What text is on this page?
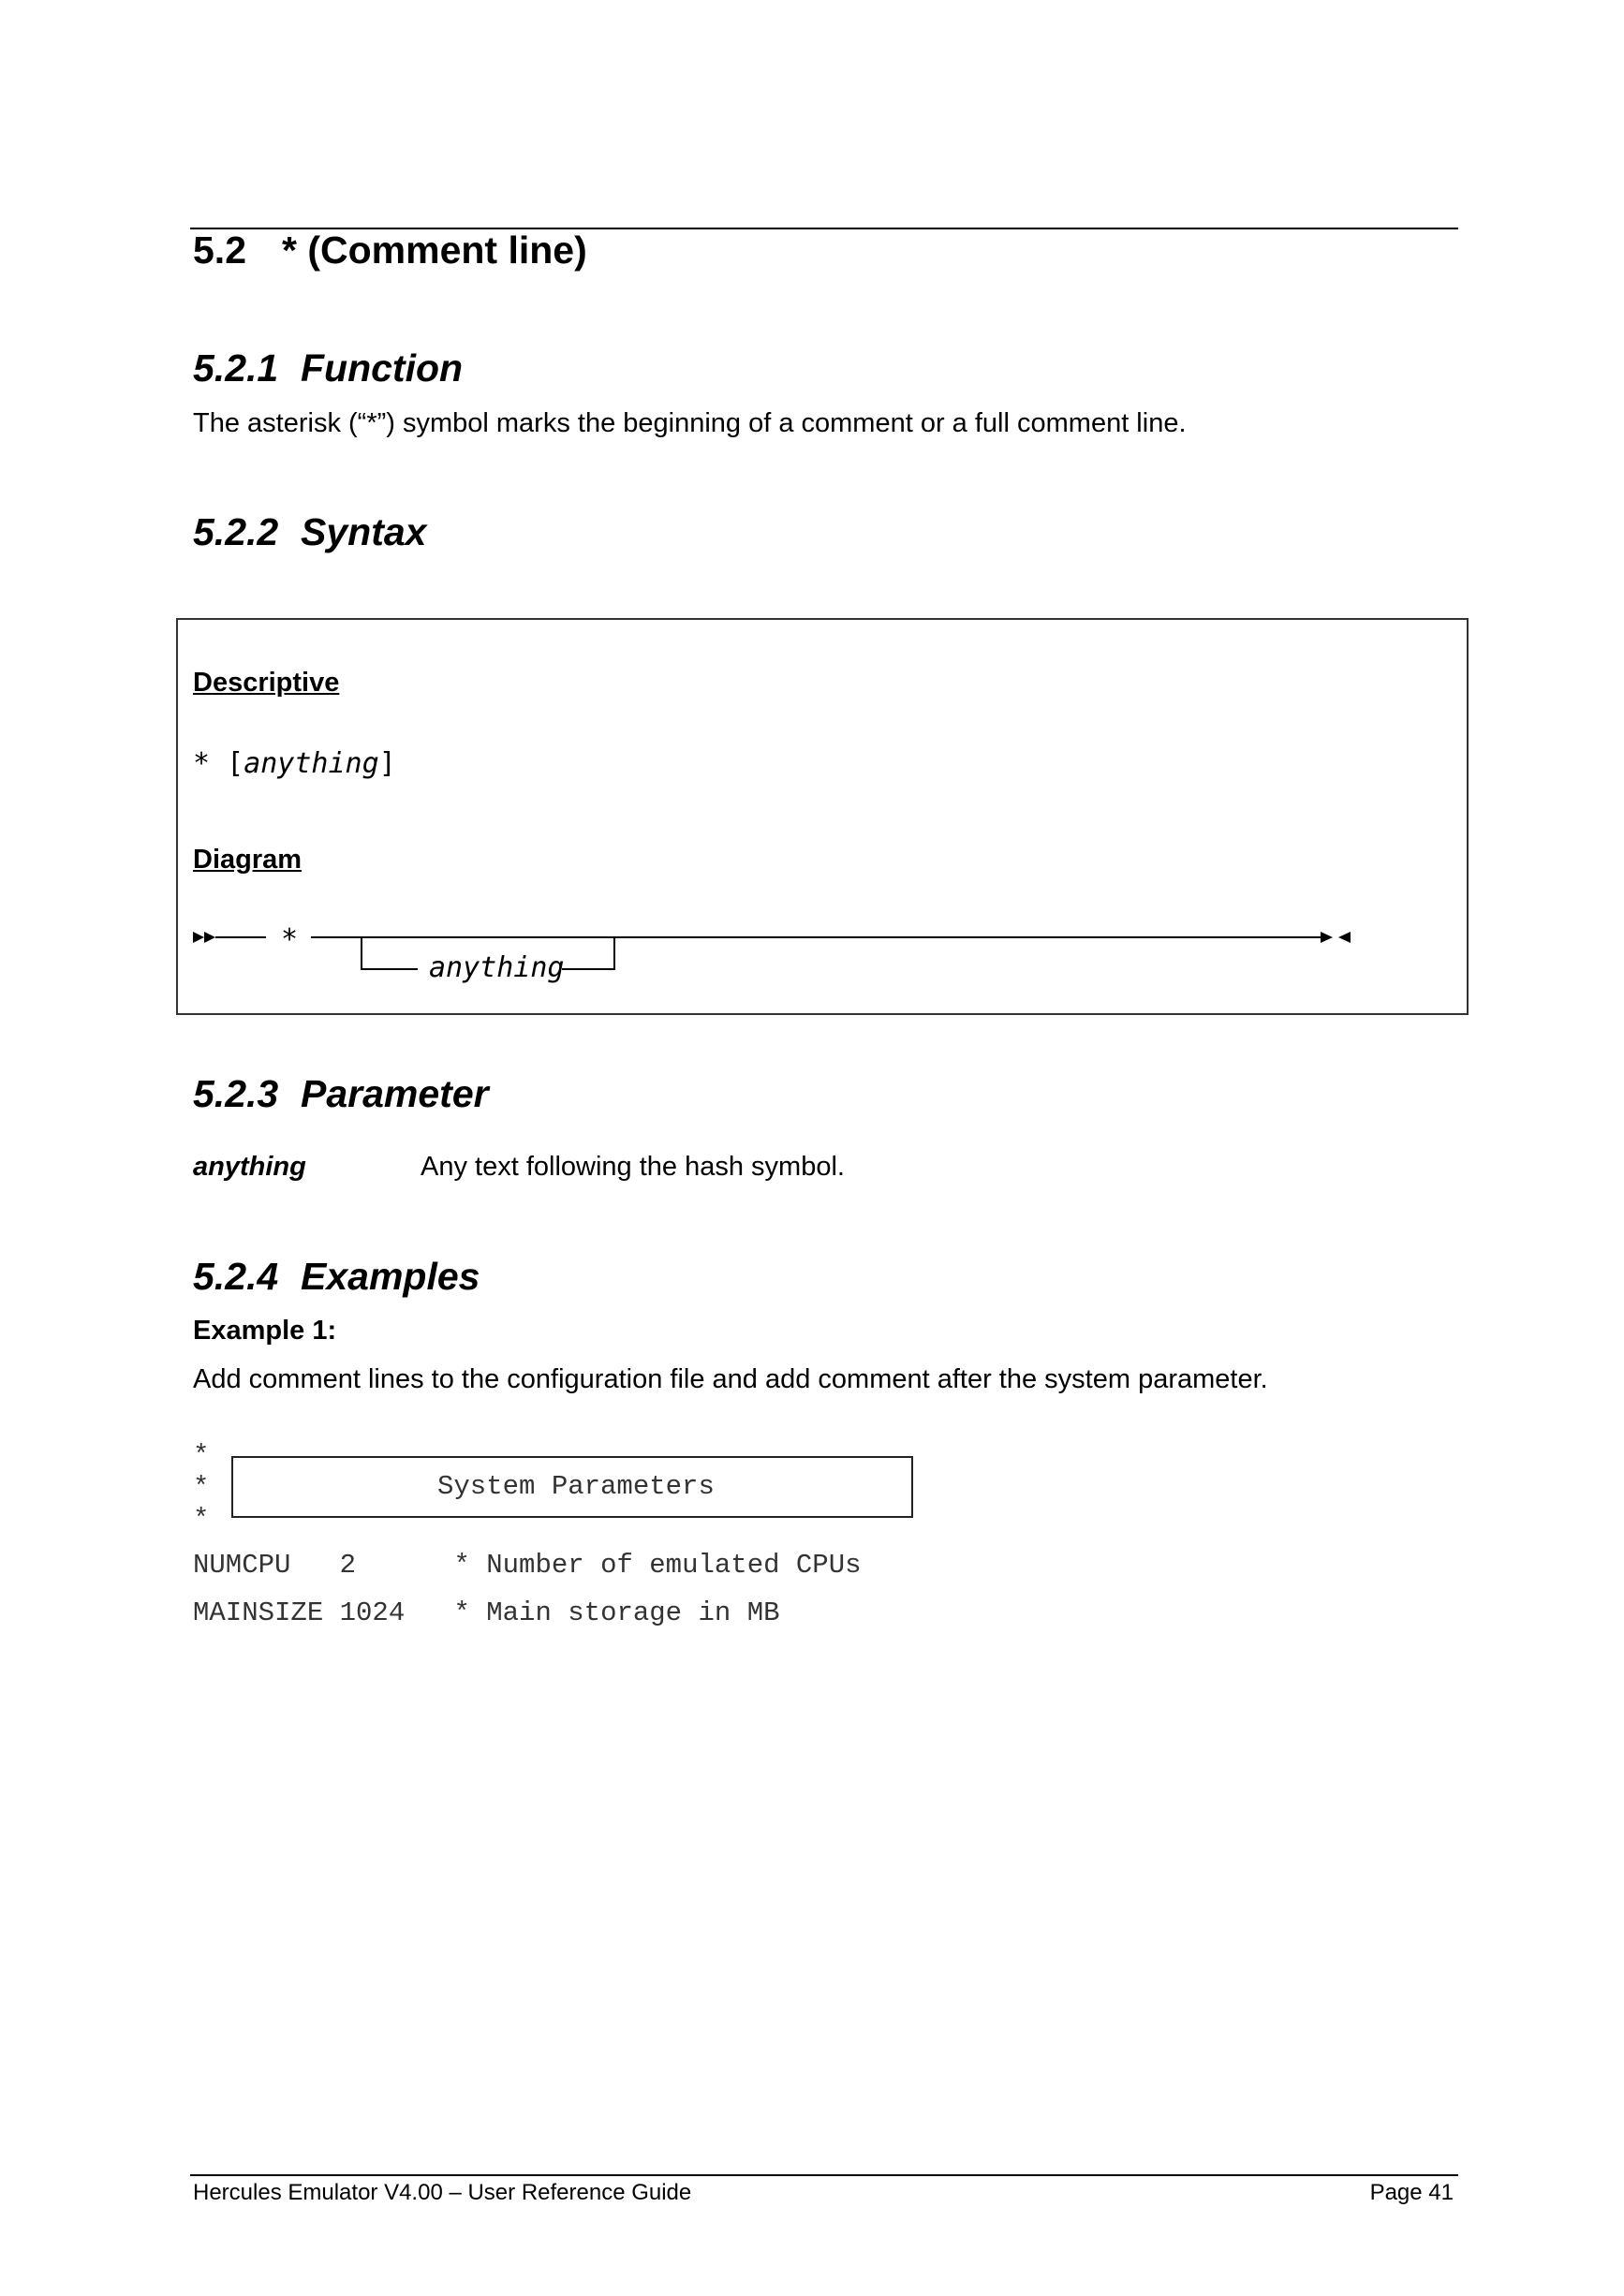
5.2 * (Comment line)
5.2.1 Function
The asterisk (“*”) symbol marks the beginning of a comment or a full comment line.
5.2.2 Syntax
Descriptive
* [anything]
Diagram
*
anything
5.2.3 Parameter
anything	Any text following the hash symbol.
5.2.4 Examples
Example 1:
Add comment lines to the configuration file and add comment after the system parameter.
*
*
*
System Parameters
NUMCPU   2      * Number of emulated CPUs
MAINSIZE 1024   * Main storage in MB
Hercules Emulator V4.00 – User Reference Guide	Page 41
